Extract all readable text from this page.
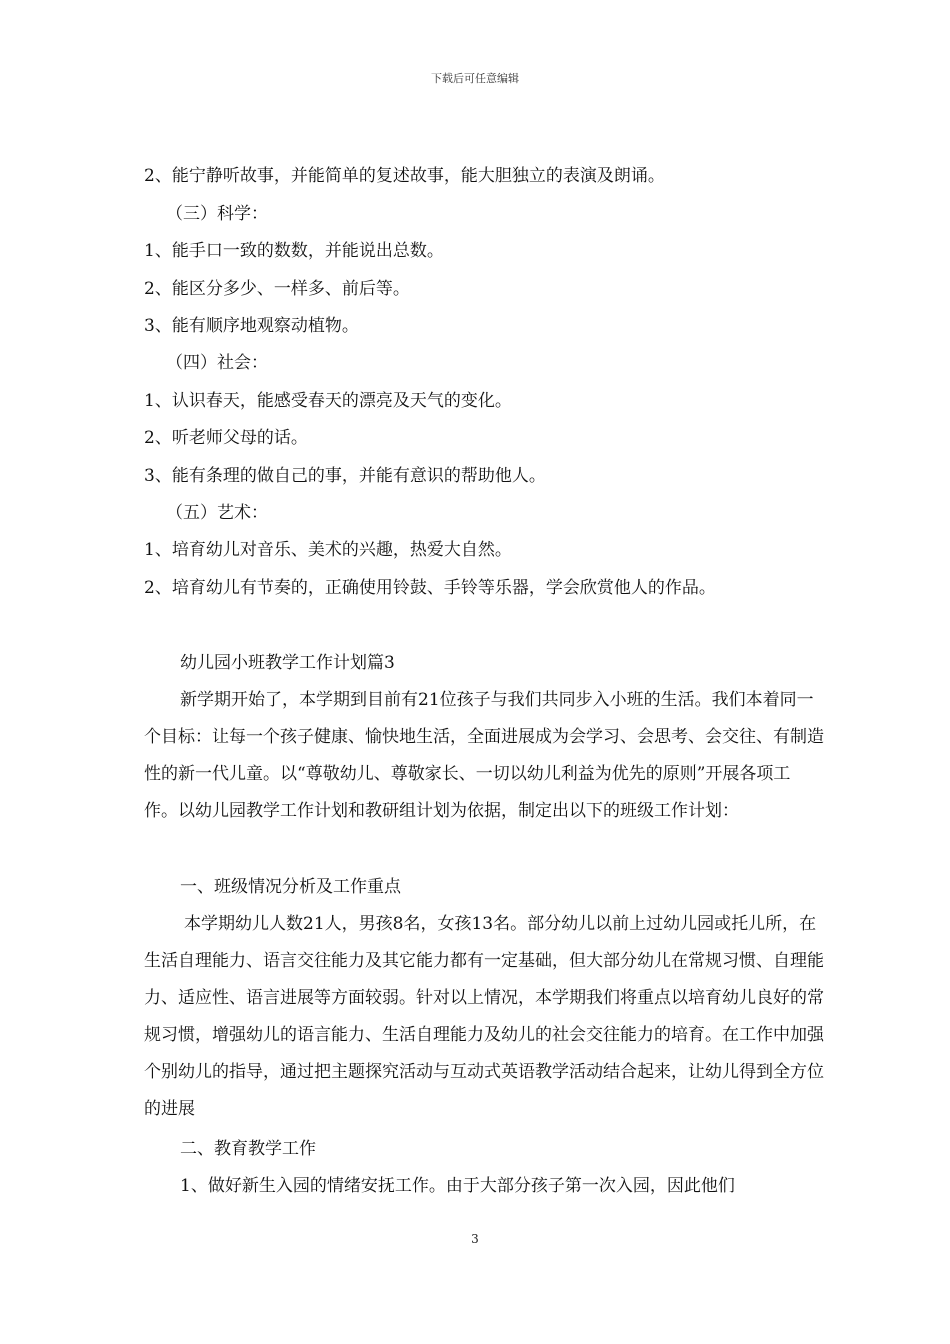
下载后可任意编辑
2、能宁静听故事，并能简单的复述故事，能大胆独立的表演及朗诵。
（三）科学：
1、能手口一致的数数，并能说出总数。
2、能区分多少、一样多、前后等。
3、能有顺序地观察动植物。
（四）社会：
1、认识春天，能感受春天的漂亮及天气的变化。
2、听老师父母的话。
3、能有条理的做自己的事，并能有意识的帮助他人。
（五）艺术：
1、培育幼儿对音乐、美术的兴趣，热爱大自然。
2、培育幼儿有节奏的，正确使用铃鼓、手铃等乐器，学会欣赏他人的作品。
幼儿园小班教学工作计划篇3
新学期开始了，本学期到目前有21位孩子与我们共同步入小班的生活。我们本着同一个目标：让每一个孩子健康、愉快地生活，全面进展成为会学习、会思考、会交往、有制造性的新一代儿童。以“尊敬幼儿、尊敬家长、一切以幼儿利益为优先的原则”开展各项工作。以幼儿园教学工作计划和教研组计划为依据，制定出以下的班级工作计划：
一、班级情况分析及工作重点
本学期幼儿人数21人，男孩8名，女孩13名。部分幼儿以前上过幼儿园或托儿所，在生活自理能力、语言交往能力及其它能力都有一定基础，但大部分幼儿在常规习惯、自理能力、适应性、语言进展等方面较弱。针对以上情况，本学期我们将重点以培育幼儿良好的常规习惯，增强幼儿的语言能力、生活自理能力及幼儿的社会交往能力的培育。在工作中加强个别幼儿的指导，通过把主题探究活动与互动式英语教学活动结合起来，让幼儿得到全方位的进展
二、教育教学工作
1、做好新生入园的情绪安抚工作。由于大部分孩子第一次入园，因此他们
3
